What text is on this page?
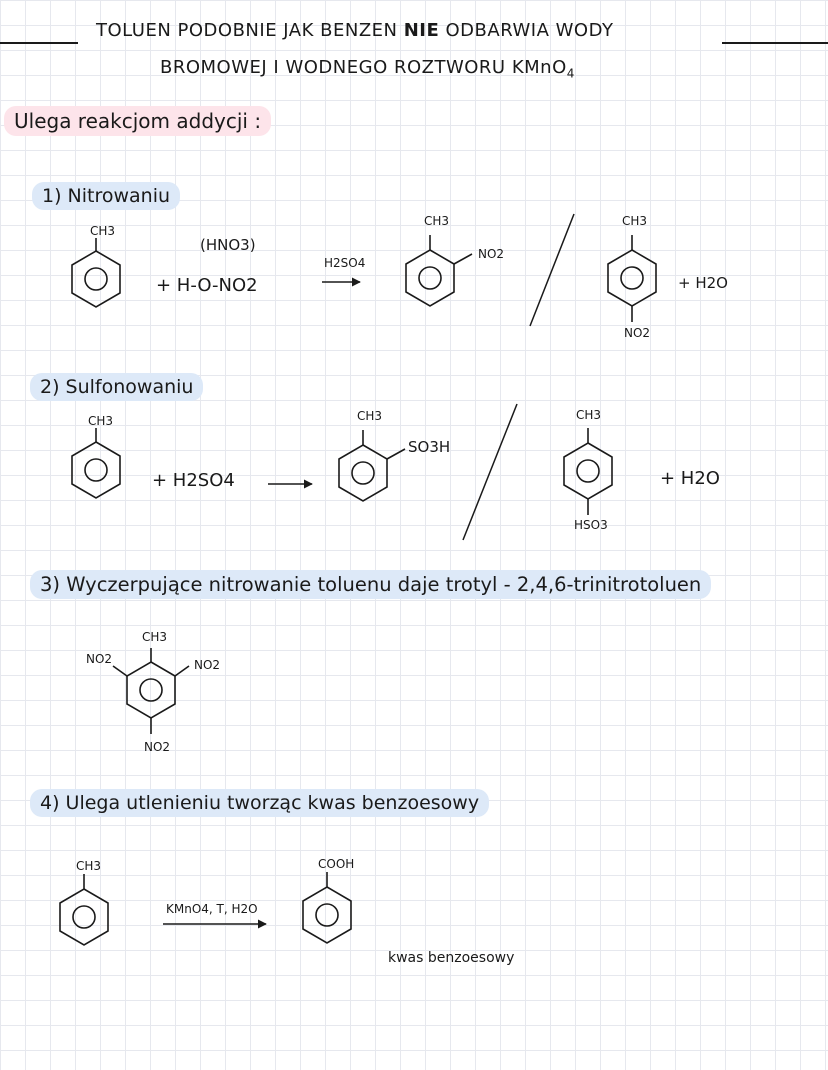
TOLUEN PODOBNIE JAK BENZEN NIE ODBARWIA WODY
BROMOWEJ I WODNEGO ROZTWORU KMnO$_4$
Ulega reakcjom addycji :
1) Nitrowaniu
2) Sulfonowaniu
3) Wyczerpujące nitrowanie toluenu daje trotyl - 2,4,6-trinitrotoluen
4) Ulega utlenieniu tworząc kwas benzoesowy
CH3
(HNO3)
+ H-O-NO2
H2SO4
CH3
NO2
CH3
NO2
+ H2O
CH3
+ H2SO4
CH3
SO3H
CH3
HSO3
+ H2O
CH3
NO2	NO2
NO2
CH3
KMnO4, T, H2O
COOH
kwas benzoesowy
